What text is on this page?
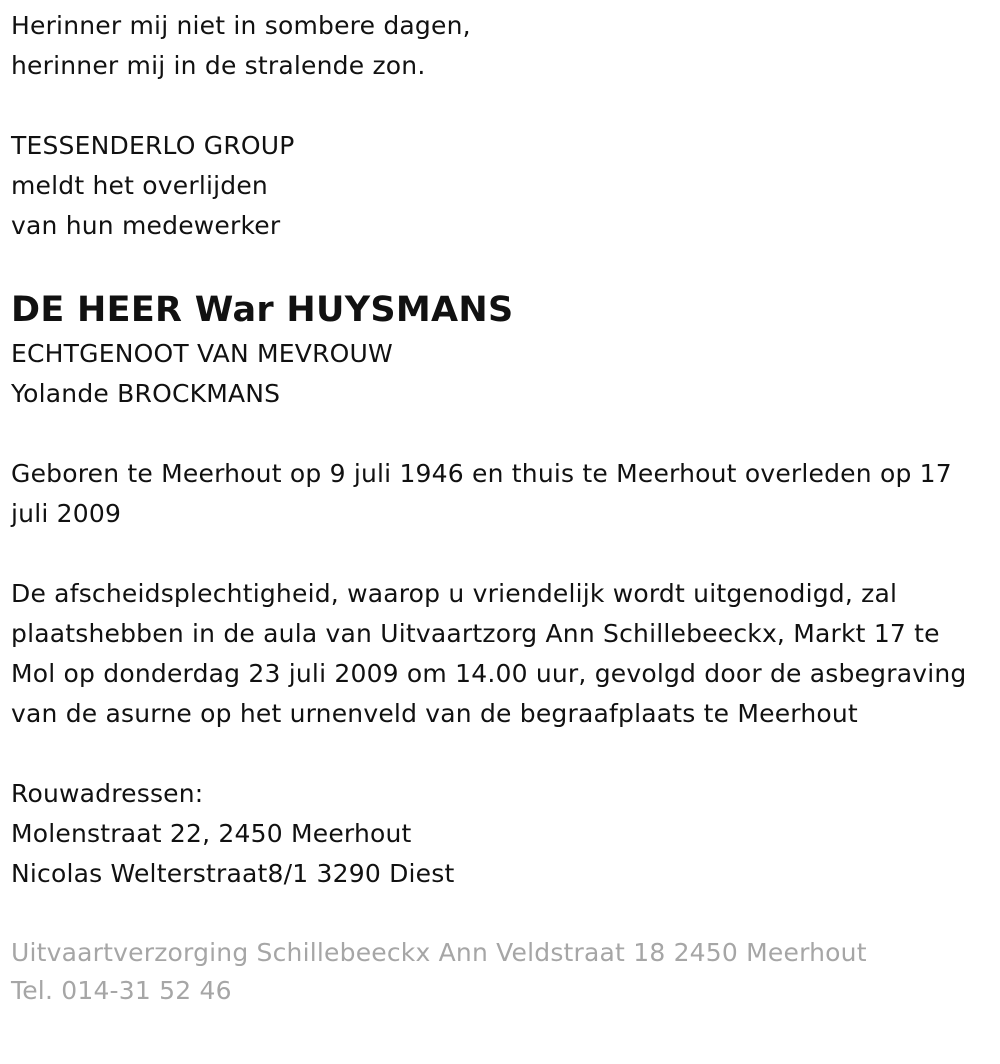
Herinner mij niet in sombere dagen,
herinner mij in de stralende zon.
TESSENDERLO GROUP
meldt het overlijden
van hun medewerker
DE HEER War HUYSMANS
ECHTGENOOT VAN MEVROUW
Yolande BROCKMANS
Geboren te Meerhout op 9 juli 1946 en thuis te Meerhout overleden op 17 juli 2009
De afscheidsplechtigheid, waarop u vriendelijk wordt uitgenodigd, zal plaatshebben in de aula van Uitvaartzorg Ann Schillebeeckx, Markt 17 te Mol op donderdag 23 juli 2009 om 14.00 uur, gevolgd door de asbegraving van de asurne op het urnenveld van de begraafplaats te Meerhout
Rouwadressen:
Molenstraat 22, 2450 Meerhout
Nicolas Welterstraat8/1 3290 Diest
Uitvaartverzorging Schillebeeckx Ann Veldstraat 18 2450 Meerhout
Tel. 014-31 52 46
